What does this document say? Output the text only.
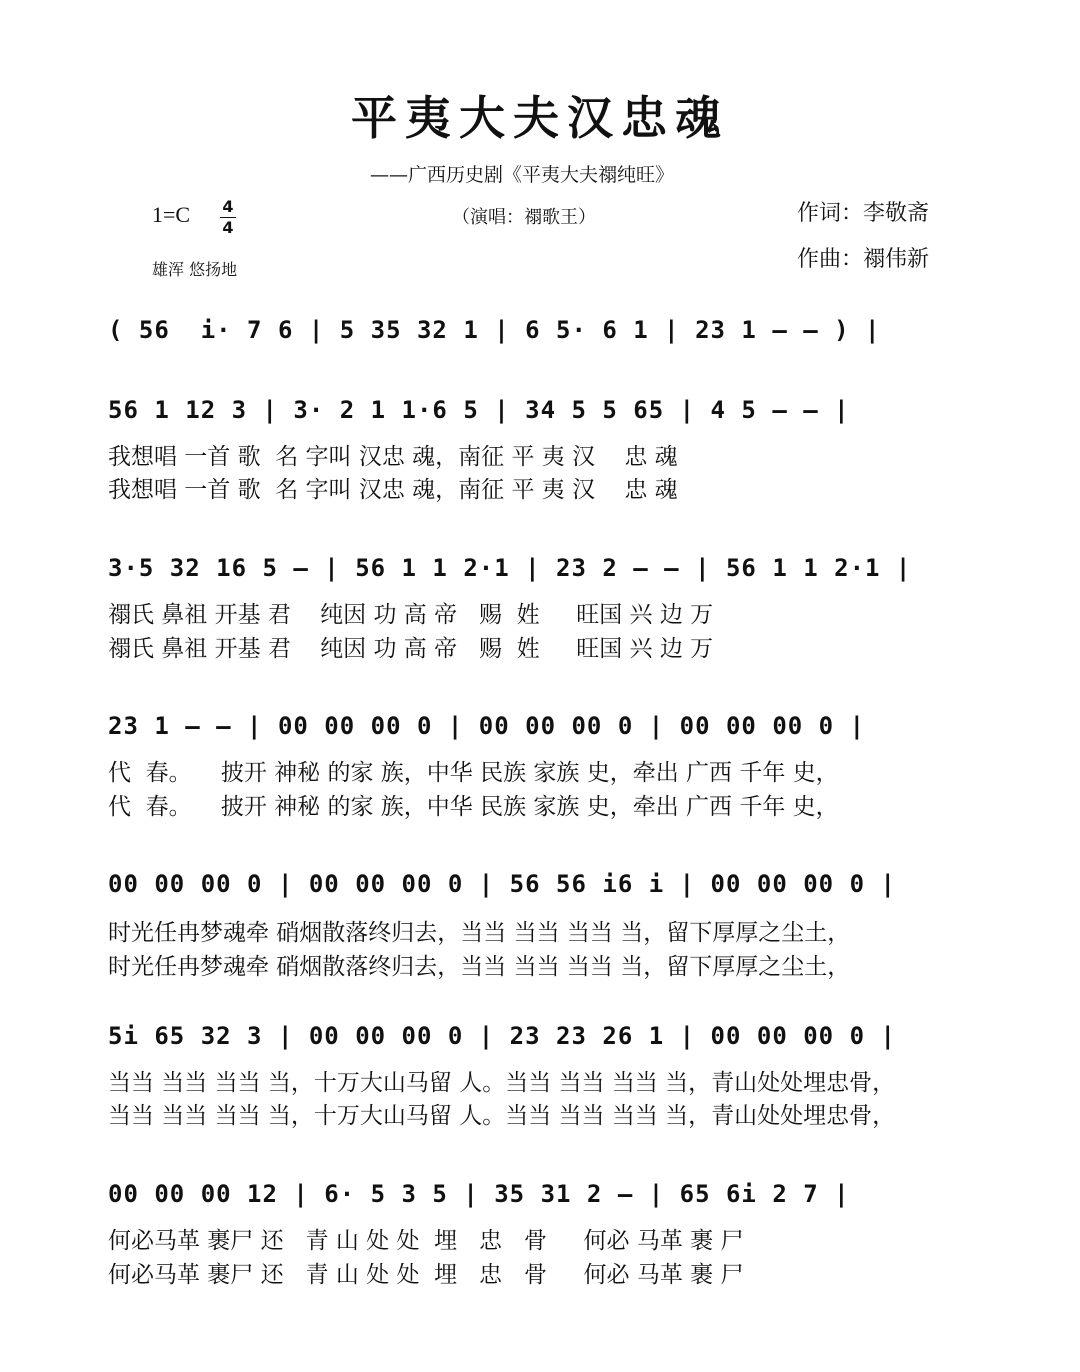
平夷大夫汉忠魂
——广西历史剧《平夷大夫禤纯旺》
1=C 4
4	（演唱：禤歌王）	作词：李敬斋
作曲：禤伟新
雄浑 悠扬地
( 56  i· 7 6 | 5 35 32 1 | 6 5· 6 1 | 23 1 – – ) |
56 1 12 3 | 3· 2 1 1·6 5 | 34 5 5 65 | 4 5 – – |
我想唱 一首 歌  名 字叫 汉忠 魂，南征 平 夷 汉    忠 魂
我想唱 一首 歌  名 字叫 汉忠 魂，南征 平 夷 汉    忠 魂
3·5 32 16 5 – | 56 1 1 2·1 | 23 2 – – | 56 1 1 2·1 |
禤氏 鼻祖 开基 君    纯因 功 高 帝   赐  姓     旺国 兴 边 万
禤氏 鼻祖 开基 君    纯因 功 高 帝   赐  姓     旺国 兴 边 万
23 1 – – | 00 00 00 0 | 00 00 00 0 | 00 00 00 0 |
代  春。    披开 神秘 的家 族，中华 民族 家族 史，牵出 广西 千年 史，
代  春。    披开 神秘 的家 族，中华 民族 家族 史，牵出 广西 千年 史，
00 00 00 0 | 00 00 00 0 | 56 56 i6 i | 00 00 00 0 |
时光任冉梦魂牵 硝烟散落终归去，当当 当当 当当 当，留下厚厚之尘土，
时光任冉梦魂牵 硝烟散落终归去，当当 当当 当当 当，留下厚厚之尘土，
5i 65 32 3 | 00 00 00 0 | 23 23 26 1 | 00 00 00 0 |
当当 当当 当当 当，十万大山马留 人。当当 当当 当当 当，青山处处埋忠骨，
当当 当当 当当 当，十万大山马留 人。当当 当当 当当 当，青山处处埋忠骨，
00 00 00 12 | 6· 5 3 5 | 35 31 2 – | 65 6i 2 7 |
何必马革 裹尸 还   青 山 处 处  埋   忠   骨     何必 马革 裹 尸
何必马革 裹尸 还   青 山 处 处  埋   忠   骨     何必 马革 裹 尸
